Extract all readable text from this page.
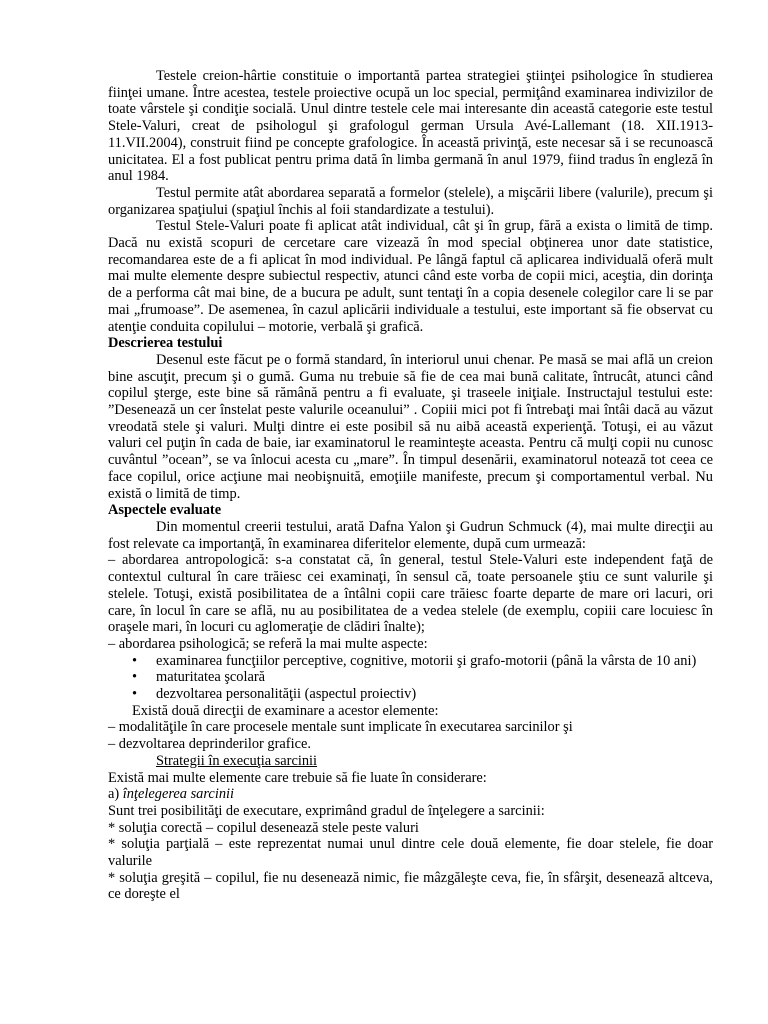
Testele creion-hârtie constituie o importantă partea strategiei ştiinţei psihologice în studierea fiinţei umane. Între acestea, testele proiective ocupă un loc special, permiţând examinarea indivizilor de toate vârstele şi condiţie socială. Unul dintre testele cele mai interesante din această categorie este testul Stele-Valuri, creat de psihologul şi grafologul german Ursula Avé-Lallemant (18. XII.1913-11.VII.2004), construit fiind pe concepte grafologice. În această privinţă, este necesar să i se recunoască unicitatea. El a fost publicat pentru prima dată în limba germană în anul 1979, fiind tradus în engleză în anul 1984.

Testul permite atât abordarea separată a formelor (stelele), a mişcării libere (valurile), precum şi organizarea spaţiului (spaţiul închis al foii standardizate a testului).

Testul Stele-Valuri poate fi aplicat atât individual, cât şi în grup, fără a exista o limită de timp. Dacă nu există scopuri de cercetare care vizează în mod special obţinerea unor date statistice, recomandarea este de a fi aplicat în mod individual. Pe lângă faptul că aplicarea individuală oferă mult mai multe elemente despre subiectul respectiv, atunci când este vorba de copii mici, aceştia, din dorinţa de a performa cât mai bine, de a bucura pe adult, sunt tentaţi în a copia desenele colegilor care li se par mai „frumoase”. De asemenea, în cazul aplicării individuale a testului, este important să fie observat cu atenţie conduita copilului – motorie, verbală şi grafică.

Descrierea testului

Desenul este făcut pe o formă standard, în interiorul unui chenar. Pe masă se mai află un creion bine ascuţit, precum şi o gumă. Guma nu trebuie să fie de cea mai bună calitate, întrucât, atunci când copilul şterge, este bine să rămână pentru a fi evaluate, şi traseele iniţiale. Instructajul testului este: ”Desenează un cer înstelat peste valurile oceanului” . Copiii mici pot fi întrebaţi mai întâi dacă au văzut vreodată stele şi valuri. Mulţi dintre ei este posibil să nu aibă această experienţă. Totuşi, ei au văzut valuri cel puţin în cada de baie, iar examinatorul le reaminteşte aceasta. Pentru că mulţi copii nu cunosc cuvântul ”ocean”, se va înlocui acesta cu „mare”. În timpul desenării, examinatorul notează tot ceea ce face copilul, orice acţiune mai neobişnuită, emoţiile manifeste, precum şi comportamentul verbal. Nu există o limită de timp.

Aspectele evaluate

Din momentul creerii testului, arată Dafna Yalon şi Gudrun Schmuck (4), mai multe direcţii au fost relevate ca importanţă, în examinarea diferitelor elemente, după cum urmează:

– abordarea antropologică: s-a constatat că, în general, testul Stele-Valuri este independent faţă de contextul cultural în care trăiesc cei examinaţi, în sensul că, toate persoanele ştiu ce sunt valurile şi stelele. Totuşi, există posibilitatea de a întâlni copii care trăiesc foarte departe de mare ori lacuri, ori care, în locul în care se află, nu au posibilitatea de a vedea stelele (de exemplu, copiii care locuiesc în oraşele mari, în locuri cu aglomeraţie de clădiri înalte);

– abordarea psihologică; se referă la mai multe aspecte:

• examinarea funcţiilor perceptive, cognitive, motorii şi grafo-motorii (până la vârsta de 10 ani)
• maturitatea şcolară
• dezvoltarea personalităţii (aspectul proiectiv)

Există două direcţii de examinare a acestor elemente:

– modalităţile în care procesele mentale sunt implicate în executarea sarcinilor şi

– dezvoltarea deprinderilor grafice.

Strategii în execuţia sarcinii

Există mai multe elemente care trebuie să fie luate în considerare:

a) înţelegerea sarcinii

Sunt trei posibilităţi de executare, exprimând gradul de înţelegere a sarcinii:

* soluţia corectă – copilul desenează stele peste valuri

* soluţia parţială – este reprezentat numai unul dintre cele două elemente, fie doar stelele, fie doar valurile

* soluţia greşită – copilul, fie nu desenează nimic, fie mâzgăleşte ceva, fie, în sfârşit, desenează altceva, ce doreşte el
